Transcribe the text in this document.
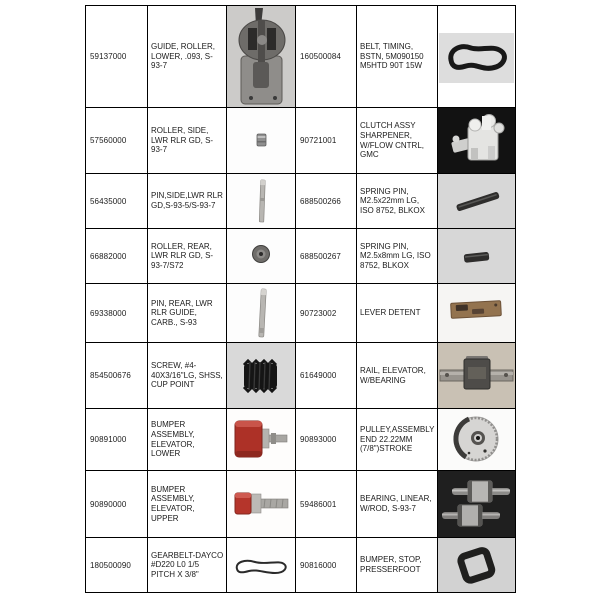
59137000
GUIDE, ROLLER, LOWER, .093, S-93-7
160500084
BELT, TIMING, BSTN, 5M090150 M5HTD 90T 15W
57560000
ROLLER, SIDE, LWR RLR GD, S-93-7
90721001
CLUTCH ASSY SHARPENER, W/FLOW CNTRL, GMC
56435000
PIN,SIDE,LWR RLR GD,S-93-5/S-93-7	688500266
SPRING PIN, M2.5x22mm LG, ISO 8752, BLKOX
66882000
ROLLER, REAR, LWR RLR GD, S-93-7/S72
688500267
SPRING PIN, M2.5x8mm LG, ISO 8752, BLKOX
69338000
PIN, REAR, LWR RLR GUIDE, CARB., S-93
90723002	LEVER DETENT
854500676
SCREW, #4-40X3/16"LG, SHSS, CUP POINT
61649000
RAIL, ELEVATOR, W/BEARING
90891000
BUMPER ASSEMBLY, ELEVATOR, LOWER
90893000
PULLEY,ASSEMBLY END 22.22MM (7/8")STROKE
90890000
BUMPER ASSEMBLY, ELEVATOR, UPPER
59486001
BEARING, LINEAR, W/ROD, S-93-7
180500090
GEARBELT-DAYCO #D220 L0 1/5 PITCH X 3/8"
90816000
BUMPER, STOP, PRESSERFOOT
